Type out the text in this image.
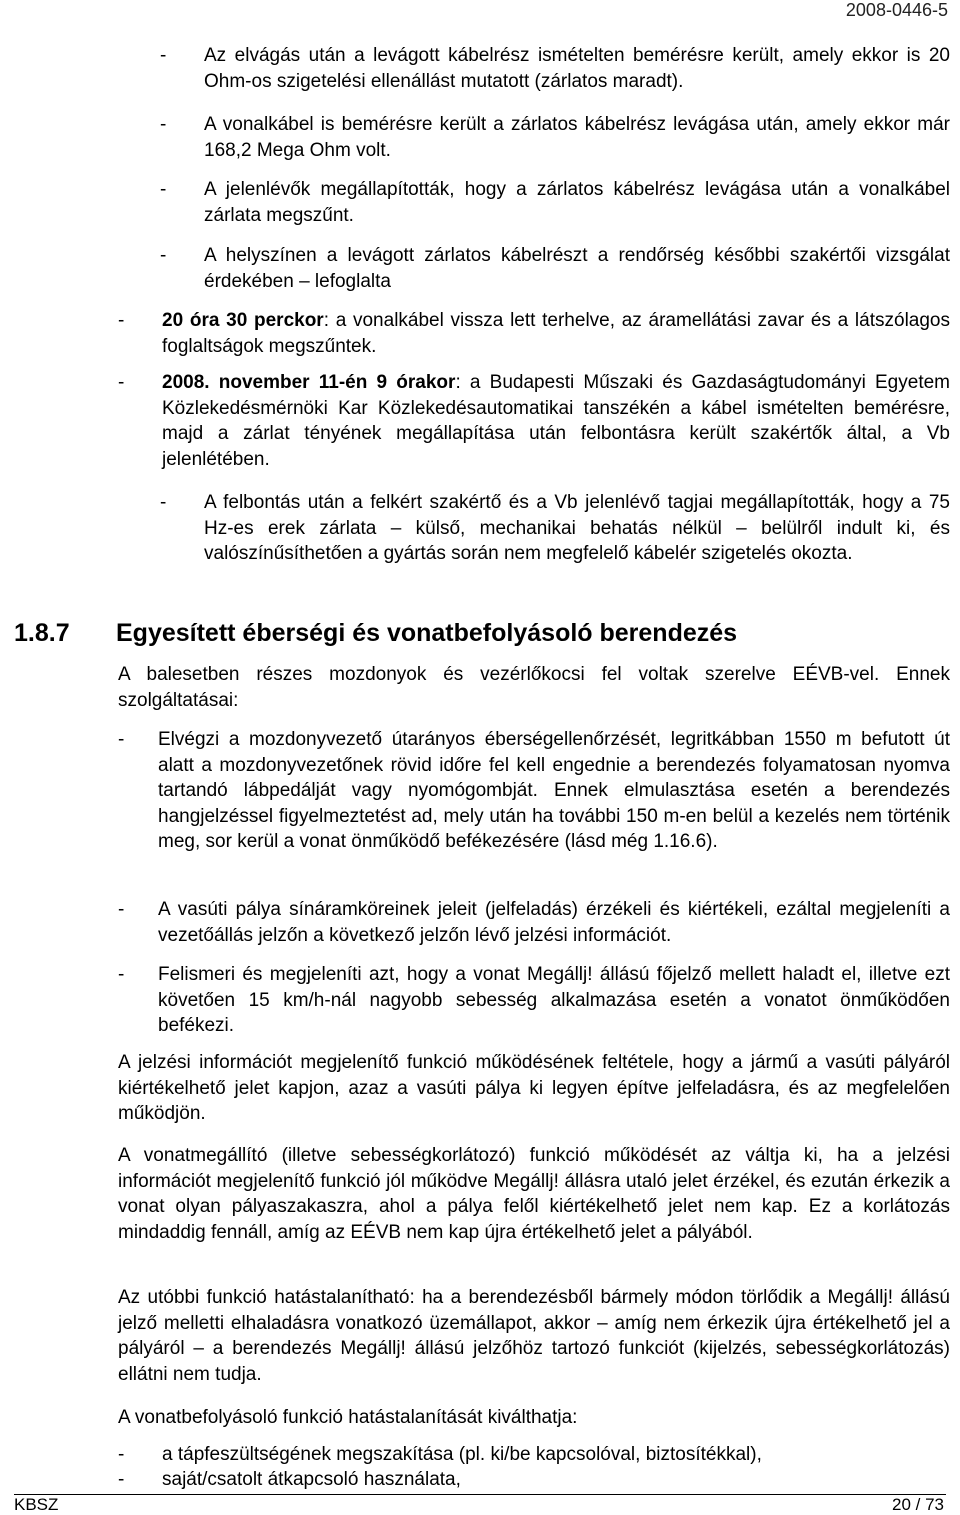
2008-0446-5
- Az elvágás után a levágott kábelrész ismételten bemérésre került, amely ekkor is 20 Ohm-os szigetelési ellenállást mutatott (zárlatos maradt).
- A vonalkábel is bemérésre került a zárlatos kábelrész levágása után, amely ekkor már 168,2 Mega Ohm volt.
- A jelenlévők megállapították, hogy a zárlatos kábelrész levágása után a vonalkábel zárlata megszűnt.
- A helyszínen a levágott zárlatos kábelrészt a rendőrség későbbi szakértői vizsgálat érdekében – lefoglalta
- 20 óra 30 perckor: a vonalkábel vissza lett terhelve, az áramellátási zavar és a látszólagos foglaltságok megszűntek.
- 2008. november 11-én 9 órakor: a Budapesti Műszaki és Gazdaságtudományi Egyetem Közlekedésmérnöki Kar Közlekedésautomatikai tanszékén a kábel ismételten bemérésre, majd a zárlat tényének megállapítása után felbontásra került szakértők által, a Vb jelenlétében.
- A felbontás után a felkért szakértő és a Vb jelenlévő tagjai megállapították, hogy a 75 Hz-es erek zárlata – külső, mechanikai behatás nélkül – belülről indult ki, és valószínűsíthetően a gyártás során nem megfelelő kábelér szigetelés okozta.
1.8.7 Egyesített éberségi és vonatbefolyásoló berendezés
A balesetben részes mozdonyok és vezérlőkocsi fel voltak szerelve EÉVB-vel. Ennek szolgáltatásai:
- Elvégzi a mozdonyvezető útarányos éberségellenőrzését, legritkábban 1550 m befutott út alatt a mozdonyvezetőnek rövid időre fel kell engednie a berendezés folyamatosan nyomva tartandó lábpedálját vagy nyomógombját. Ennek elmulasztása esetén a berendezés hangjelzéssel figyelmeztetést ad, mely után ha további 150 m-en belül a kezelés nem történik meg, sor kerül a vonat önműködő befékezésére (lásd még 1.16.6).
- A vasúti pálya sínáramköreinek jeleit (jelfeladás) érzékeli és kiértékeli, ezáltal megjeleníti a vezetőállás jelzőn a következő jelzőn lévő jelzési információt.
- Felismeri és megjeleníti azt, hogy a vonat Megállj! állású főjelző mellett haladt el, illetve ezt követően 15 km/h-nál nagyobb sebesség alkalmazása esetén a vonatot önműködően befékezi.
A jelzési információt megjelenítő funkció működésének feltétele, hogy a jármű a vasúti pályáról kiértékelhető jelet kapjon, azaz a vasúti pálya ki legyen építve jelfeladásra, és az megfelelően működjön.
A vonatmegállító (illetve sebességkorlátozó) funkció működését az váltja ki, ha a jelzési információt megjelenítő funkció jól működve Megállj! állásra utaló jelet érzékel, és ezután érkezik a vonat olyan pályaszakaszra, ahol a pálya felől kiértékelhető jelet nem kap. Ez a korlátozás mindaddig fennáll, amíg az EÉVB nem kap újra értékelhető jelet a pályából.
Az utóbbi funkció hatástalanítható: ha a berendezésből bármely módon törlődik a Megállj! állású jelző melletti elhaladásra vonatkozó üzemállapot, akkor – amíg nem érkezik újra értékelhető jel a pályáról – a berendezés Megállj! állású jelzőhöz tartozó funkciót (kijelzés, sebességkorlátozás) ellátni nem tudja.
A vonatbefolyásoló funkció hatástalanítását kiválthatja:
- a tápfeszültségének megszakítása (pl. ki/be kapcsolóval, biztosítékkal),
- saját/csatolt átkapcsoló használata,
KBSZ	20 / 73
